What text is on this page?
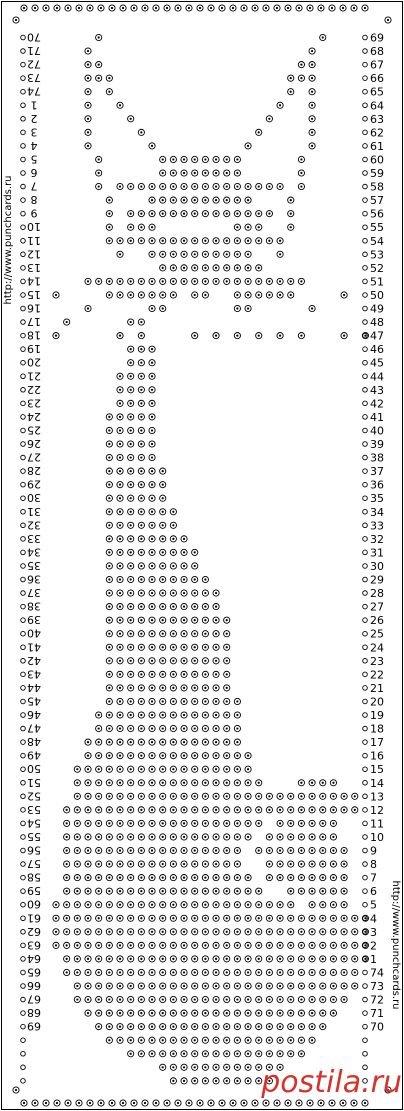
70
71
72
73
74
1
2
3
4
5
6
7
8
9
10
11
12
13
14
15
16
17
18
19
20
21
22
23
24
25
26
27
28
29
30
31
32
33
34
35
36
37
38
39
40
41
42
43
44
45
46
47
48
49
50
51
52
53
54
55
56
57
58
59
60
61
62
63
64
65
66
67
68
69
69
68
67
66
65
64
63
62
61
60
59
58
57
56
55
54
53
52
51
50
49
48
47
46
45
44
43
42
41
40
39
38
37
36
35
34
33
32
31
30
29
28
27
26
25
24
23
22
21
20
19
18
17
16
15
14
13
12
11
10
9
8
7
6
5
4
3
2
1
74
73
72
71
70
http://www.punchcards.ru
http://www.punchcards.ru
postila.ru
